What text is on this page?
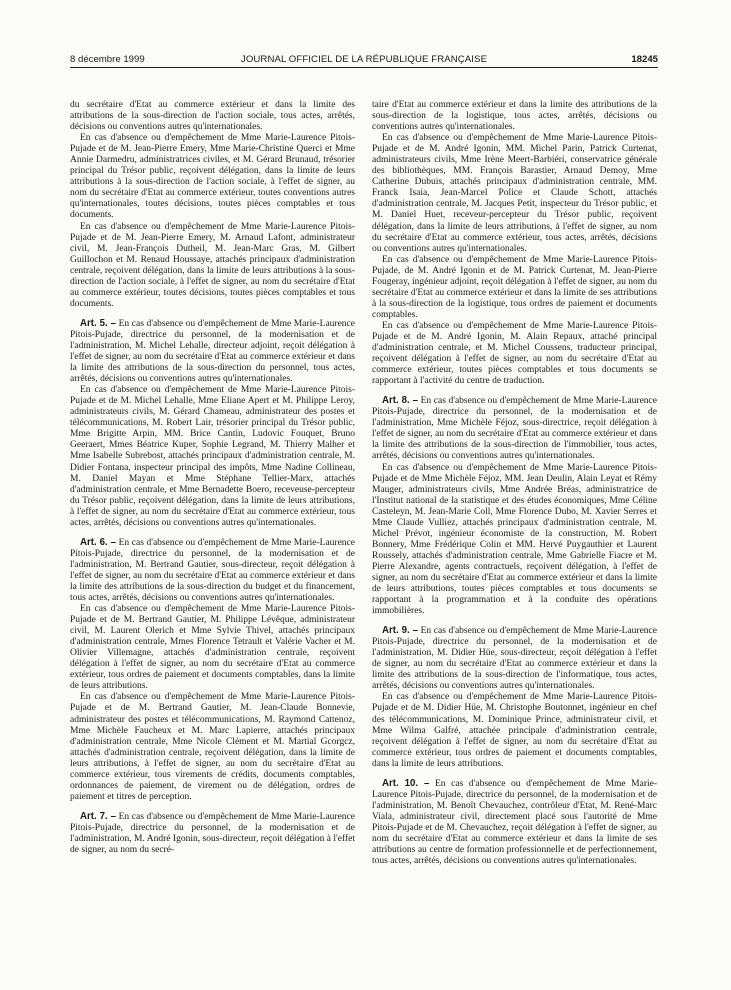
8 décembre 1999	JOURNAL OFFICIEL DE LA RÉPUBLIQUE FRANÇAISE	18245

du secrétaire d'Etat au commerce extérieur et dans la limite des attributions de la sous-direction de l'action sociale, tous actes, arrêtés, décisions ou conventions autres qu'internationales.

En cas d'absence ou d'empêchement de Mme Marie-Laurence Pitois-Pujade et de M. Jean-Pierre Emery, Mme Marie-Christine Querci et Mme Annie Darmedru, administratrices civiles, et M. Gérard Brunaud, trésorier principal du Trésor public, reçoivent délégation, dans la limite de leurs attributions à la sous-direction de l'action sociale, à l'effet de signer, au nom du secrétaire d'Etat au commerce extérieur, toutes conventions autres qu'internationales, toutes décisions, toutes pièces comptables et tous documents.

En cas d'absence ou d'empêchement de Mme Marie-Laurence Pitois-Pujade et de M. Jean-Pierre Emery, M. Arnaud Lafont, administrateur civil, M. Jean-François Dutheil, M. Jean-Marc Gras, M. Gilbert Guillochon et M. Renaud Houssaye, attachés principaux d'administration centrale, reçoivent délégation, dans la limite de leurs attributions à la sous-direction de l'action sociale, à l'effet de signer, au nom du secrétaire d'Etat au commerce extérieur, toutes décisions, toutes pièces comptables et tous documents.

Art. 5. – En cas d'absence ou d'empêchement de Mme Marie-Laurence Pitois-Pujade, directrice du personnel, de la modernisation et de l'administration, M. Michel Lehalle, directeur adjoint, reçoit délégation à l'effet de signer, au nom du secrétaire d'Etat au commerce extérieur et dans la limite des attributions de la sous-direction du personnel, tous actes, arrêtés, décisions ou conventions autres qu'internationales.

En cas d'absence ou d'empêchement de Mme Marie-Laurence Pitois-Pujade et de M. Michel Lehalle, Mme Eliane Apert et M. Philippe Leroy, administrateurs civils, M. Gérard Chameau, administrateur des postes et télécommunications, M. Robert Lair, trésorier principal du Trésor public, Mme Brigitte Arpin, MM. Brice Cantin, Ludovic Fouquet, Bruno Geeraert, Mmes Béatrice Kuper, Sophie Legrand, M. Thierry Malher et Mme Isabelle Subrebost, attachés principaux d'administration centrale, M. Didier Fontana, inspecteur principal des impôts, Mme Nadine Collineau, M. Daniel Mayan et Mme Stéphane Tellier-Marx, attachés d'administration centrale, et Mme Bernadette Boero, receveuse-percepteur du Trésor public, reçoivent délégation, dans la limite de leurs attributions, à l'effet de signer, au nom du secrétaire d'Etat au commerce extérieur, tous actes, arrêtés, décisions ou conventions autres qu'internationales.

Art. 6. – En cas d'absence ou d'empêchement de Mme Marie-Laurence Pitois-Pujade, directrice du personnel, de la modernisation et de l'administration, M. Bertrand Gautier, sous-directeur, reçoit délégation à l'effet de signer, au nom du secrétaire d'Etat au commerce extérieur et dans la limite des attributions de la sous-direction du budget et du financement, tous actes, arrêtés, décisions ou conventions autres qu'internationales.

En cas d'absence ou d'empêchement de Mme Marie-Laurence Pitois-Pujade et de M. Bertrand Gautier, M. Philippe Lévêque, administrateur civil, M. Laurent Olerich et Mme Sylvie Thivel, attachés principaux d'administration centrale, Mmes Florence Tetrault et Valérie Vacher et M. Olivier Villemagne, attachés d'administration centrale, reçoivent délégation à l'effet de signer, au nom du secrétaire d'Etat au commerce extérieur, tous ordres de paiement et documents comptables, dans la limite de leurs attributions.

En cas d'absence ou d'empêchement de Mme Marie-Laurence Pitois-Pujade et de M. Bertrand Gautier, M. Jean-Claude Bonnevie, administrateur des postes et télécommunications, M. Raymond Cattenoz, Mme Michèle Faucheux et M. Marc Lapierre, attachés principaux d'administration centrale, Mme Nicole Clément et M. Martial Gcorgcz, attachés d'administration centrale, reçoivent délégation, dans la limite de leurs attributions, à l'effet de signer, au nom du secrétaire d'Etat au commerce extérieur, tous virements de crédits, documents comptables, ordonnances de paiement, de virement ou de délégation, ordres de paiement et titres de perception.

Art. 7. – En cas d'absence ou d'empêchement de Mme Marie-Laurence Pitois-Pujade, directrice du personnel, de la modernisation et de l'administration, M. André Igonin, sous-directeur, reçoit délégation à l'effet de signer, au nom du secré-

taire d'Etat au commerce extérieur et dans la limite des attributions de la sous-direction de la logistique, tous actes, arrêtés, décisions ou conventions autres qu'internationales.

En cas d'absence ou d'empêchement de Mme Marie-Laurence Pitois-Pujade et de M. André Igonin, MM. Michel Parin, Patrick Curtenat, administrateurs civils, Mme Irène Meert-Barbiéri, conservatrice générale des bibliothèques, MM. François Barastier, Arnaud Demoy, Mme Catherine Dubuis, attachés principaux d'administration centrale, MM. Franck Isaia, Jean-Marcel Police et Claude Schott, attachés d'administration centrale, M. Jacques Petit, inspecteur du Trésor public, et M. Daniel Huet, receveur-percepteur du Trésor public, reçoivent délégation, dans la limite de leurs attributions, à l'effet de signer, au nom du secrétaire d'Etat au commerce extérieur, tous actes, arrêtés, décisions ou conventions autres qu'internationales.

En cas d'absence ou d'empêchement de Mme Marie-Laurence Pitois-Pujade, de M. André Igonin et de M. Patrick Curtenat, M. Jean-Pierre Fougeray, ingénieur adjoint, reçoit délégation à l'effet de signer, au nom du secrétaire d'Etat au commerce extérieur et dans la limite de ses attributions à la sous-direction de la logistique, tous ordres de paiement et documents comptables.

En cas d'absence ou d'empêchement de Mme Marie-Laurence Pitois-Pujade et de M. André Igonin, M. Alain Repaux, attaché principal d'administration centrale, et M. Michel Coussens, traducteur principal, reçoivent délégation à l'effet de signer, au nom du secrétaire d'Etat au commerce extérieur, toutes pièces comptables et tous documents se rapportant à l'activité du centre de traduction.

Art. 8. – En cas d'absence ou d'empêchement de Mme Marie-Laurence Pitois-Pujade, directrice du personnel, de la modernisation et de l'administration, Mme Michèle Féjoz, sous-directrice, reçoit délégation à l'effet de signer, au nom du secrétaire d'Etat au commerce extérieur et dans la limite des attributions de la sous-direction de l'immobilier, tous actes, arrêtés, décisions ou conventions autres qu'internationales.

En cas d'absence ou d'empêchement de Mme Marie-Laurence Pitois-Pujade et de Mme Michèle Féjoz, MM. Jean Deulin, Alain Leyat et Rémy Mauger, administrateurs civils, Mme Andrée Bréas, administratrice de l'Institut national de la statistique et des études économiques, Mme Céline Casteleyn, M. Jean-Marie Coll, Mme Florence Dubo, M. Xavier Serres et Mme Claude Vulliez, attachés principaux d'administration centrale, M. Michel Prévot, ingénieur économiste de la construction, M. Robert Bonnery, Mme Frédérique Colin et MM. Hervé Puygauthier et Laurent Roussely, attachés d'administration centrale, Mme Gabrielle Fiacre et M. Pierre Alexandre, agents contractuels, reçoivent délégation, à l'effet de signer, au nom du secrétaire d'Etat au commerce extérieur et dans la limite de leurs attributions, toutes pièces comptables et tous documents se rapportant à la programmation et à la conduite des opérations immobilières.

Art. 9. – En cas d'absence ou d'empêchement de Mme Marie-Laurence Pitois-Pujade, directrice du personnel, de la modernisation et de l'administration, M. Didier Hüe, sous-directeur, reçoit délégation à l'effet de signer, au nom du secrétaire d'Etat au commerce extérieur et dans la limite des attributions de la sous-direction de l'informatique, tous actes, arrêtés, décisions ou conventions autres qu'internationales.

En cas d'absence ou d'empêchement de Mme Marie-Laurence Pitois-Pujade et de M. Didier Hüe, M. Christophe Boutonnet, ingénieur en chef des télécommunications, M. Dominique Prince, administrateur civil, et Mme Wilma Galfré, attachée principale d'administration centrale, reçoivent délégation à l'effet de signer, au nom du secrétaire d'Etat au commerce extérieur, tous ordres de paiement et documents comptables, dans la limite de leurs attributions.

Art. 10. – En cas d'absence ou d'empêchement de Mme Marie-Laurence Pitois-Pujade, directrice du personnel, de la modernisation et de l'administration, M. Benoît Chevauchez, contrôleur d'Etat, M. René-Marc Viala, administrateur civil, directement placé sous l'autorité de Mme Pitois-Pujade et de M. Chevauchez, reçoit délégation à l'effet de signer, au nom du secrétaire d'Etat au commerce extérieur et dans la limite de ses attributions au centre de formation professionnelle et de perfectionnement, tous actes, arrêtés, décisions ou conventions autres qu'internationales.
